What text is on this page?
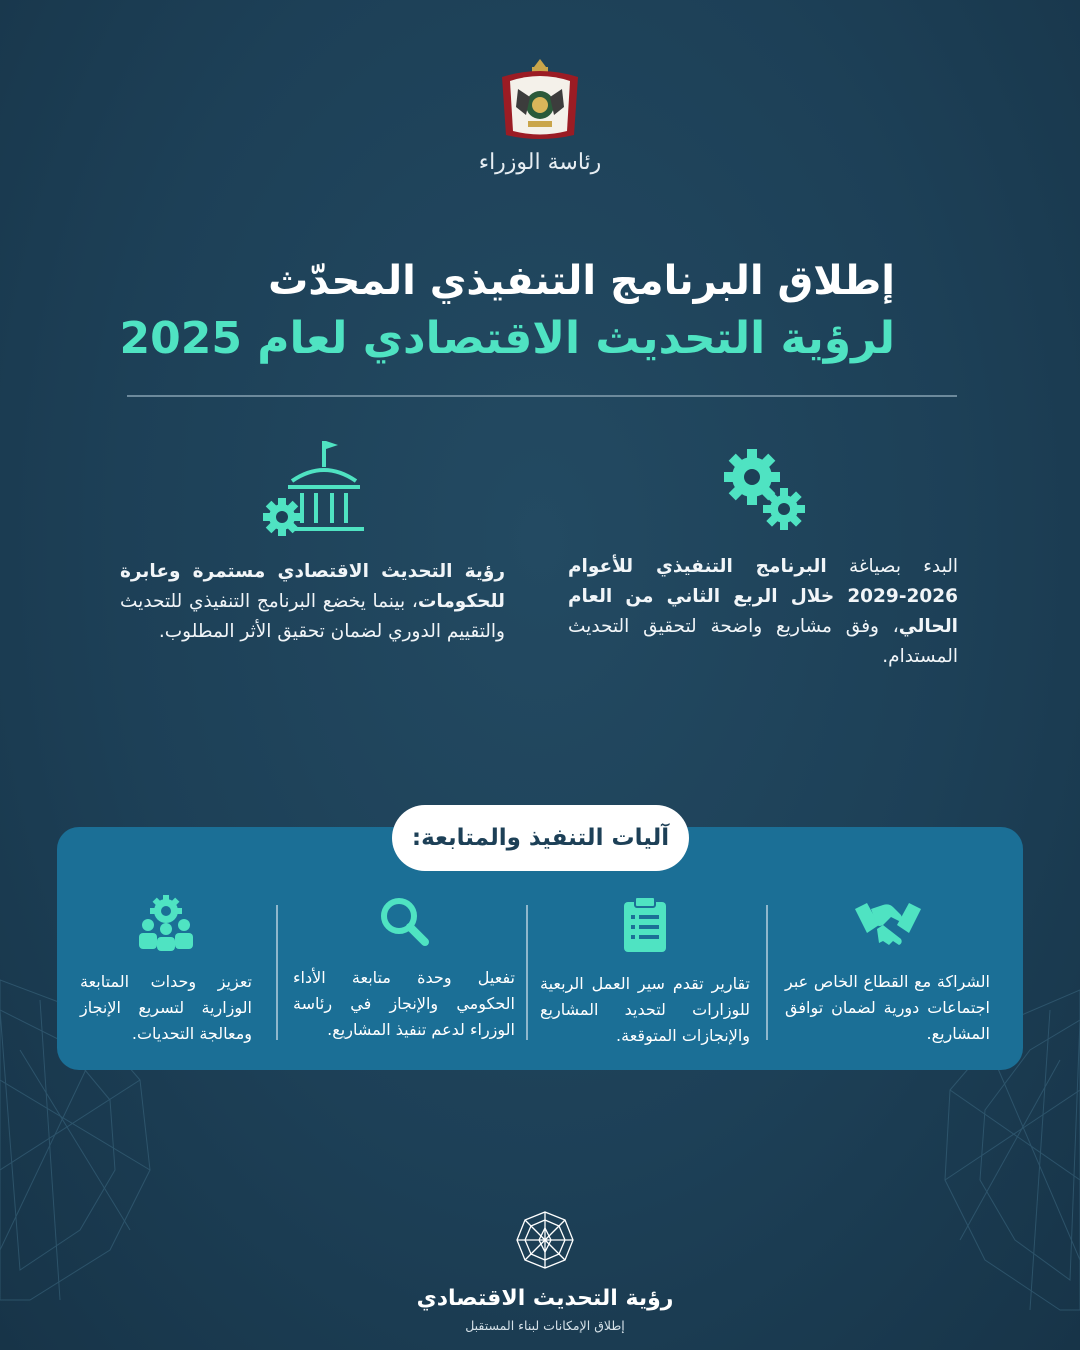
رئاسة الوزراء
إطلاق البرنامج التنفيذي المحدّث
لرؤية التحديث الاقتصادي لعام 2025
البدء بصياغة البرنامج التنفيذي للأعوام 2026-2029 خلال الربع الثاني من العام الحالي، وفق مشاريع واضحة لتحقيق التحديث المستدام.
رؤية التحديث الاقتصادي مستمرة وعابرة للحكومات، بينما يخضع البرنامج التنفيذي للتحديث والتقييم الدوري لضمان تحقيق الأثر المطلوب.
آليات التنفيذ والمتابعة:
الشراكة مع القطاع الخاص عبر اجتماعات دورية لضمان توافق المشاريع.
تقارير تقدم سير العمل الربعية للوزارات لتحديد المشاريع والإنجازات المتوقعة.
تفعيل وحدة متابعة الأداء الحكومي والإنجاز في رئاسة الوزراء لدعم تنفيذ المشاريع.
تعزيز وحدات المتابعة الوزارية لتسريع الإنجاز ومعالجة التحديات.
رؤية التحديث الاقتصادي
إطلاق الإمكانات لبناء المستقبل
